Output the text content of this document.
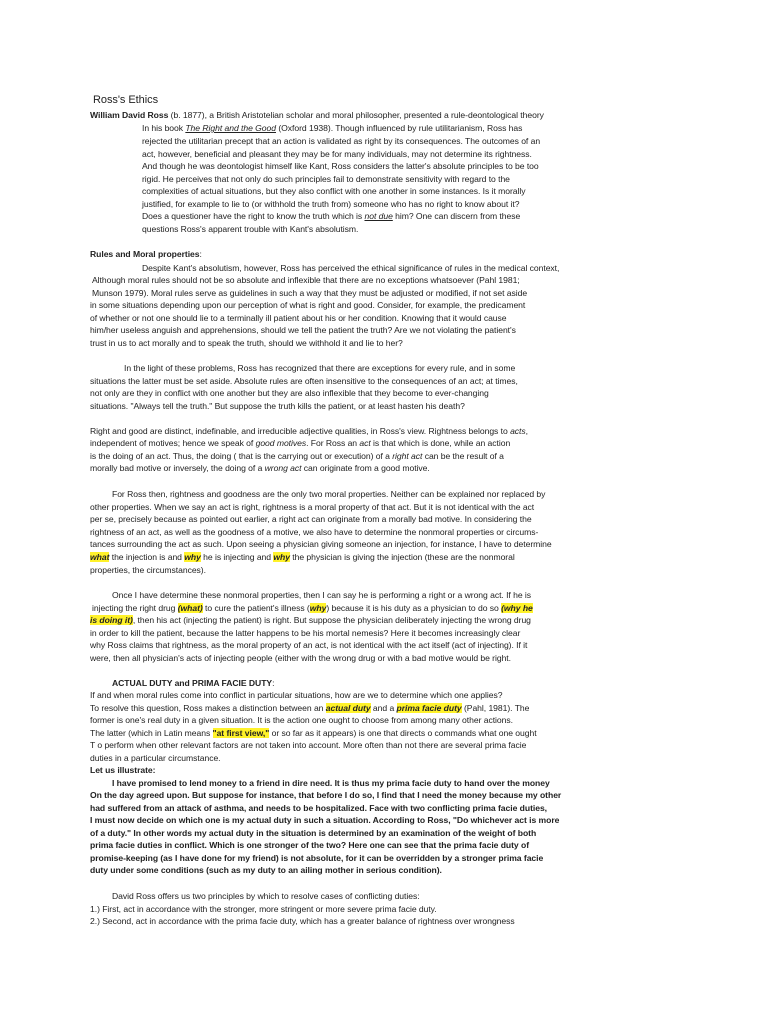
Ross's Ethics
William David Ross (b. 1877), a British Aristotelian scholar and moral philosopher, presented a rule-deontological theory
In his book The Right and the Good (Oxford 1938). Though influenced by rule utilitarianism, Ross has
rejected the utilitarian precept that an action is validated as right by its consequences. The outcomes of an
act, however, beneficial and pleasant they may be for many individuals, may not determine its rightness.
And though he was deontologist himself like Kant, Ross considers the latter's absolute principles to be too
rigid. He perceives that not only do such principles fail to demonstrate sensitivity with regard to the
complexities of actual situations, but they also conflict with one another in some instances. Is it morally
justified, for example to lie to (or withhold the truth from) someone who has no right to know about it?
Does a questioner have the right to know the truth which is not due him? One can discern from these
questions Ross's apparent trouble with Kant's absolutism.
Rules and Moral properties:
Despite Kant's absolutism, however, Ross has perceived the ethical significance of rules in the medical context,
Although moral rules should not be so absolute and inflexible that there are no exceptions whatsoever (Pahl 1981;
Munson 1979). Moral rules serve as guidelines in such a way that they must be adjusted or modified, if not set aside
in some situations depending upon our perception of what is right and good. Consider, for example, the predicament
of whether or not one should lie to a terminally ill patient about his or her condition. Knowing that it would cause
him/her useless anguish and apprehensions, should we tell the patient the truth? Are we not violating the patient's
trust in us to act morally and to speak the truth, should we withhold it and lie to her?
In the light of these problems, Ross has recognized that there are exceptions for every rule, and in some
situations the latter must be set aside. Absolute rules are often insensitive to the consequences of an act; at times,
not only are they in conflict with one another but they are also inflexible that they become to ever-changing
situations. "Always tell the truth." But suppose the truth kills the patient, or at least hasten his death?
Right and good are distinct, indefinable, and irreducible adjective qualities, in Ross's view. Rightness belongs to acts,
independent of motives; hence we speak of good motives. For Ross an act is that which is done, while an action
is the doing of an act. Thus, the doing ( that is the carrying out or execution) of a right act can be the result of a
morally bad motive or inversely, the doing of a wrong act can originate from a good motive.
For Ross then, rightness and goodness are the only two moral properties. Neither can be explained nor replaced by
other properties. When we say an act is right, rightness is a moral property of that act. But it is not identical with the act
per se, precisely because as pointed out earlier, a right act can originate from a morally bad motive. In considering the
rightness of an act, as well as the goodness of a motive, we also have to determine the nonmoral properties or circums-
tances surrounding the act as such. Upon seeing a physician giving someone an injection, for instance, I have to determine
what the injection is and why he is injecting and why the physician is giving the injection (these are the nonmoral
properties, the circumstances).
Once I have determine these nonmoral properties, then I can say he is performing a right or a wrong act. If he is
injecting the right drug (what) to cure the patient's illness (why) because it is his duty as a physician to do so (why he
is doing it), then his act (injecting the patient) is right. But suppose the physician deliberately injecting the wrong drug
in order to kill the patient, because the latter happens to be his mortal nemesis? Here it becomes increasingly clear
why Ross claims that rightness, as the moral property of an act, is not identical with the act itself (act of injecting). If it
were, then all physician's acts of injecting people (either with the wrong drug or with a bad motive would be right.
ACTUAL DUTY and PRIMA FACIE DUTY:
If and when moral rules come into conflict in particular situations, how are we to determine which one applies?
To resolve this question, Ross makes a distinction between an actual duty and a prima facie duty (Pahl, 1981). The
former is one's real duty in a given situation. It is the action one ought to choose from among many other actions.
The latter (which in Latin means "at first view," or so far as it appears) is one that directs o commands what one ought
T o perform when other relevant factors are not taken into account. More often than not there are several prima facie
duties in a particular circumstance.
Let us illustrate:
I have promised to lend money to a friend in dire need. It is thus my prima facie duty to hand over the money
On the day agreed upon. But suppose for instance, that before I do so, I find that I need the money because my other
had suffered from an attack of asthma, and needs to be hospitalized. Face with two conflicting prima facie duties,
I must now decide on which one is my actual duty in such a situation. According to Ross, "Do whichever act is more
of a duty." In other words my actual duty in the situation is determined by an examination of the weight of both
prima facie duties in conflict. Which is one stronger of the two? Here one can see that the prima facie duty of
promise-keeping (as I have done for my friend) is not absolute, for it can be overridden by a stronger prima facie
duty under some conditions (such as my duty to an ailing mother in serious condition).
David Ross offers us two principles by which to resolve cases of conflicting duties:
1.) First, act in accordance with the stronger, more stringent or more severe prima facie duty.
2.) Second, act in accordance with the prima facie duty, which has a greater balance of rightness over wrongness
